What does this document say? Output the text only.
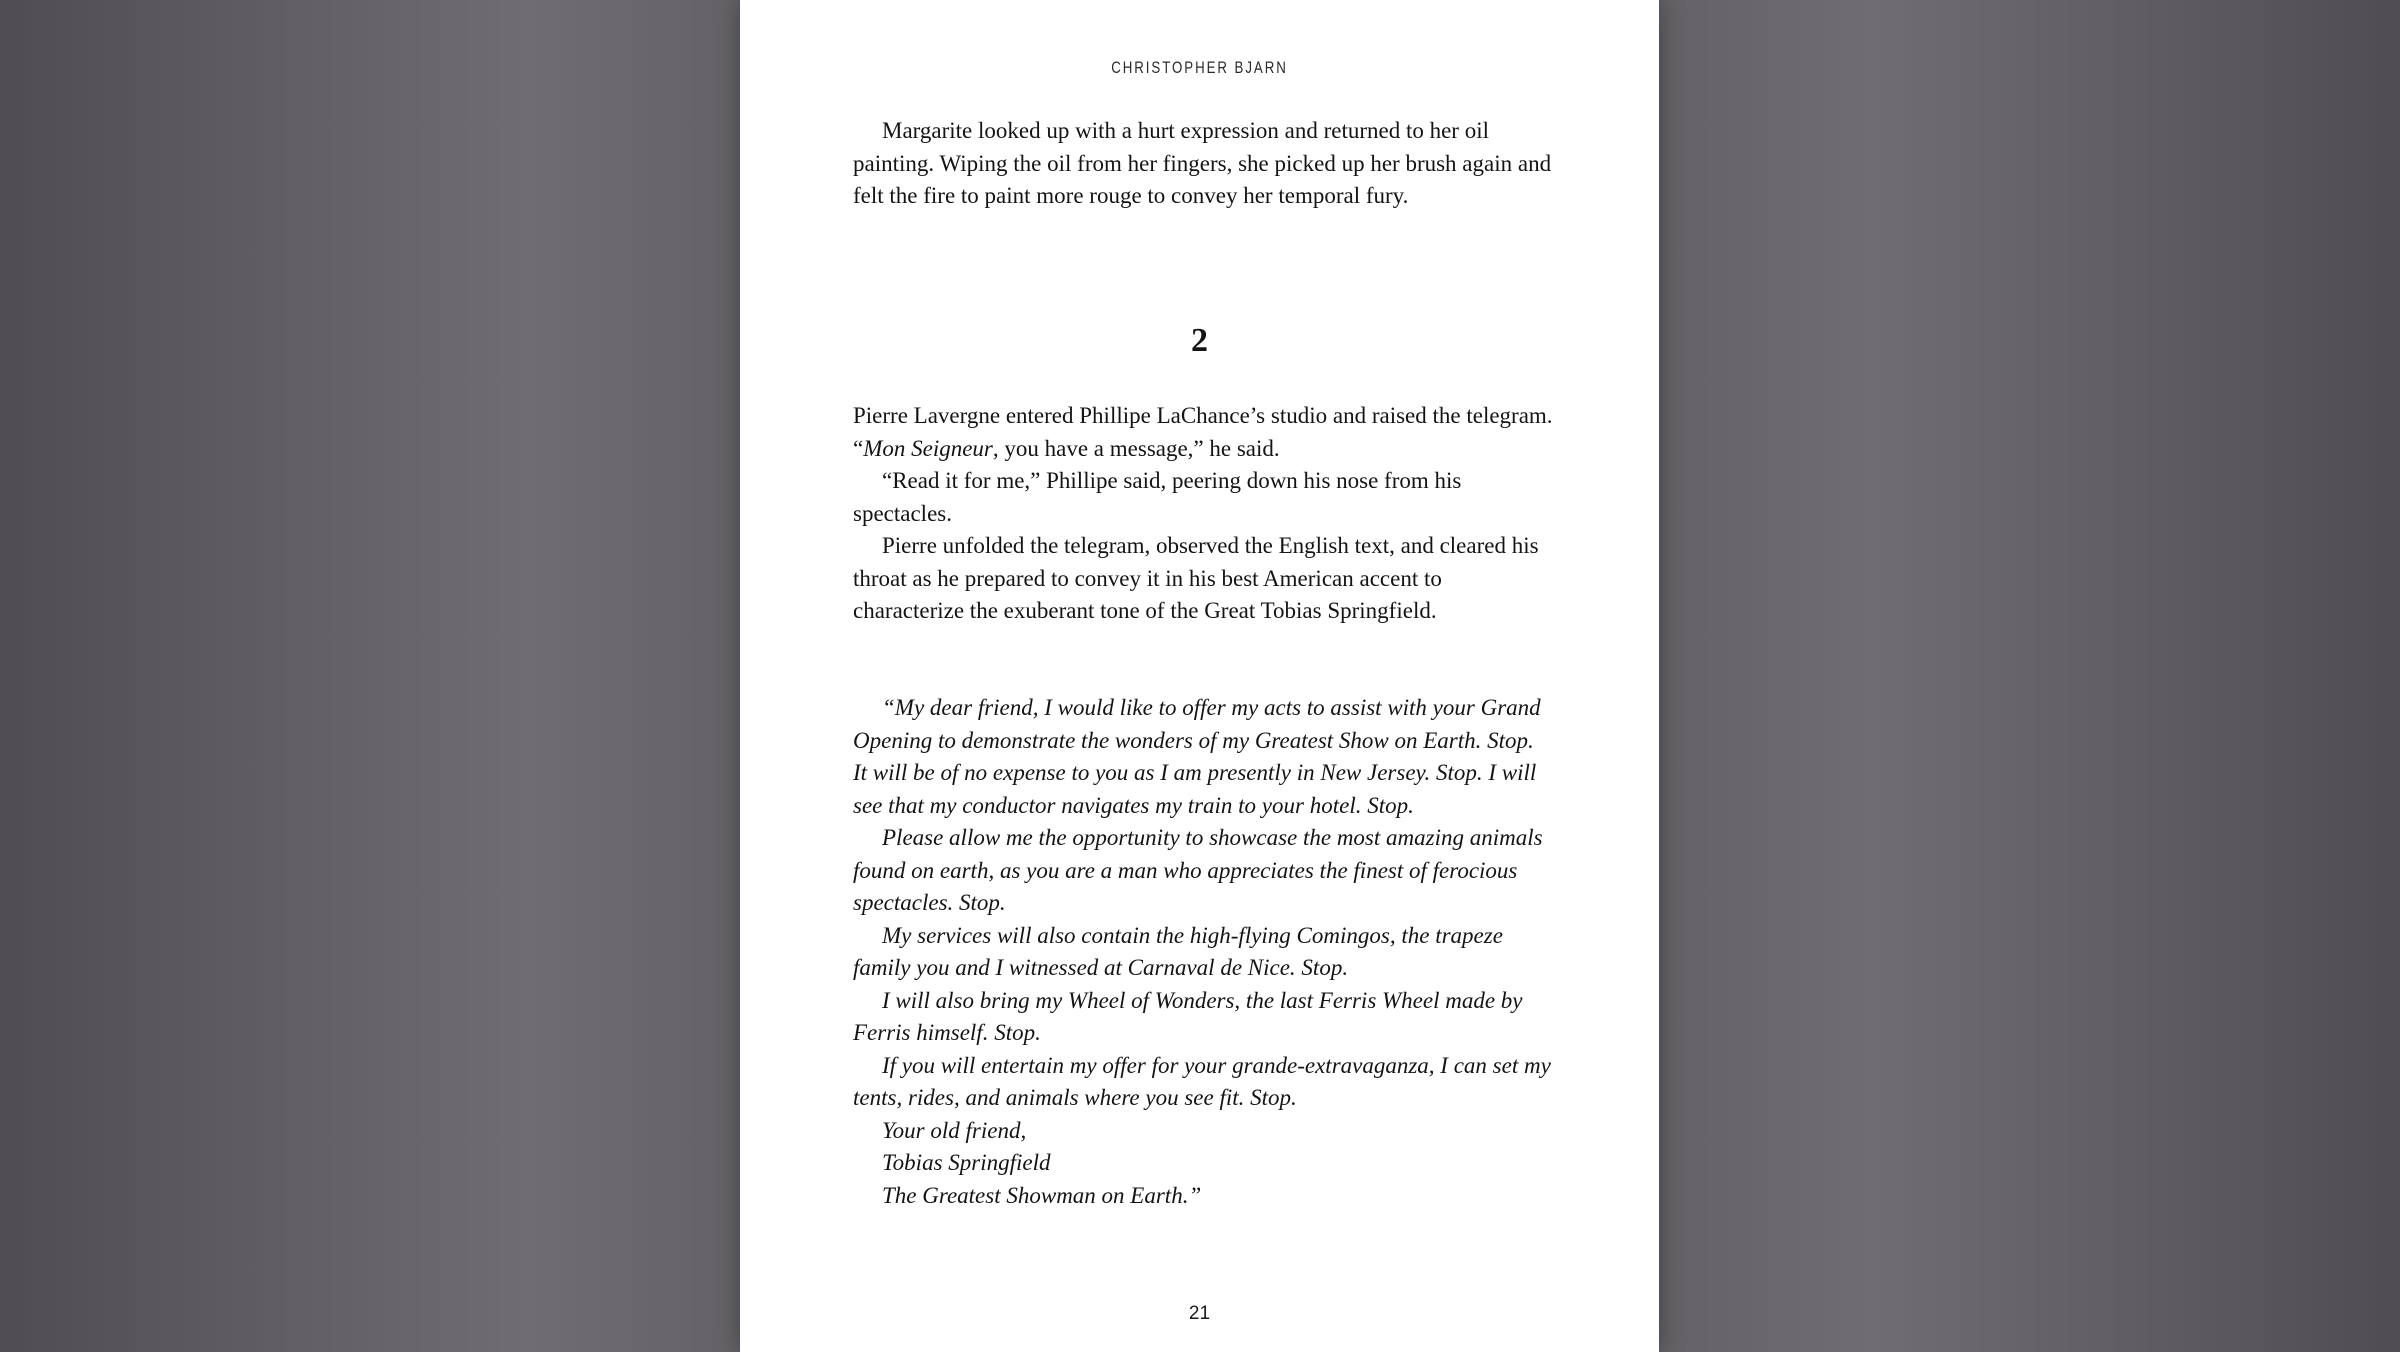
CHRISTOPHER BJARN

Margarite looked up with a hurt expression and returned to her oil painting. Wiping the oil from her fingers, she picked up her brush again and felt the fire to paint more rouge to convey her temporal fury.

2

Pierre Lavergne entered Phillipe LaChance’s studio and raised the telegram. “Mon Seigneur, you have a message,” he said.

“Read it for me,” Phillipe said, peering down his nose from his spectacles.

Pierre unfolded the telegram, observed the English text, and cleared his throat as he prepared to convey it in his best American accent to characterize the exuberant tone of the Great Tobias Springfield.

“My dear friend, I would like to offer my acts to assist with your Grand Opening to demonstrate the wonders of my Greatest Show on Earth. Stop. It will be of no expense to you as I am presently in New Jersey. Stop. I will see that my conductor navigates my train to your hotel. Stop.

Please allow me the opportunity to showcase the most amazing animals found on earth, as you are a man who appreciates the finest of ferocious spectacles. Stop.

My services will also contain the high-flying Comingos, the trapeze family you and I witnessed at Carnaval de Nice. Stop.

I will also bring my Wheel of Wonders, the last Ferris Wheel made by Ferris himself. Stop.

If you will entertain my offer for your grande-extravaganza, I can set my tents, rides, and animals where you see fit. Stop.

Your old friend,

Tobias Springfield

The Greatest Showman on Earth.”

21
